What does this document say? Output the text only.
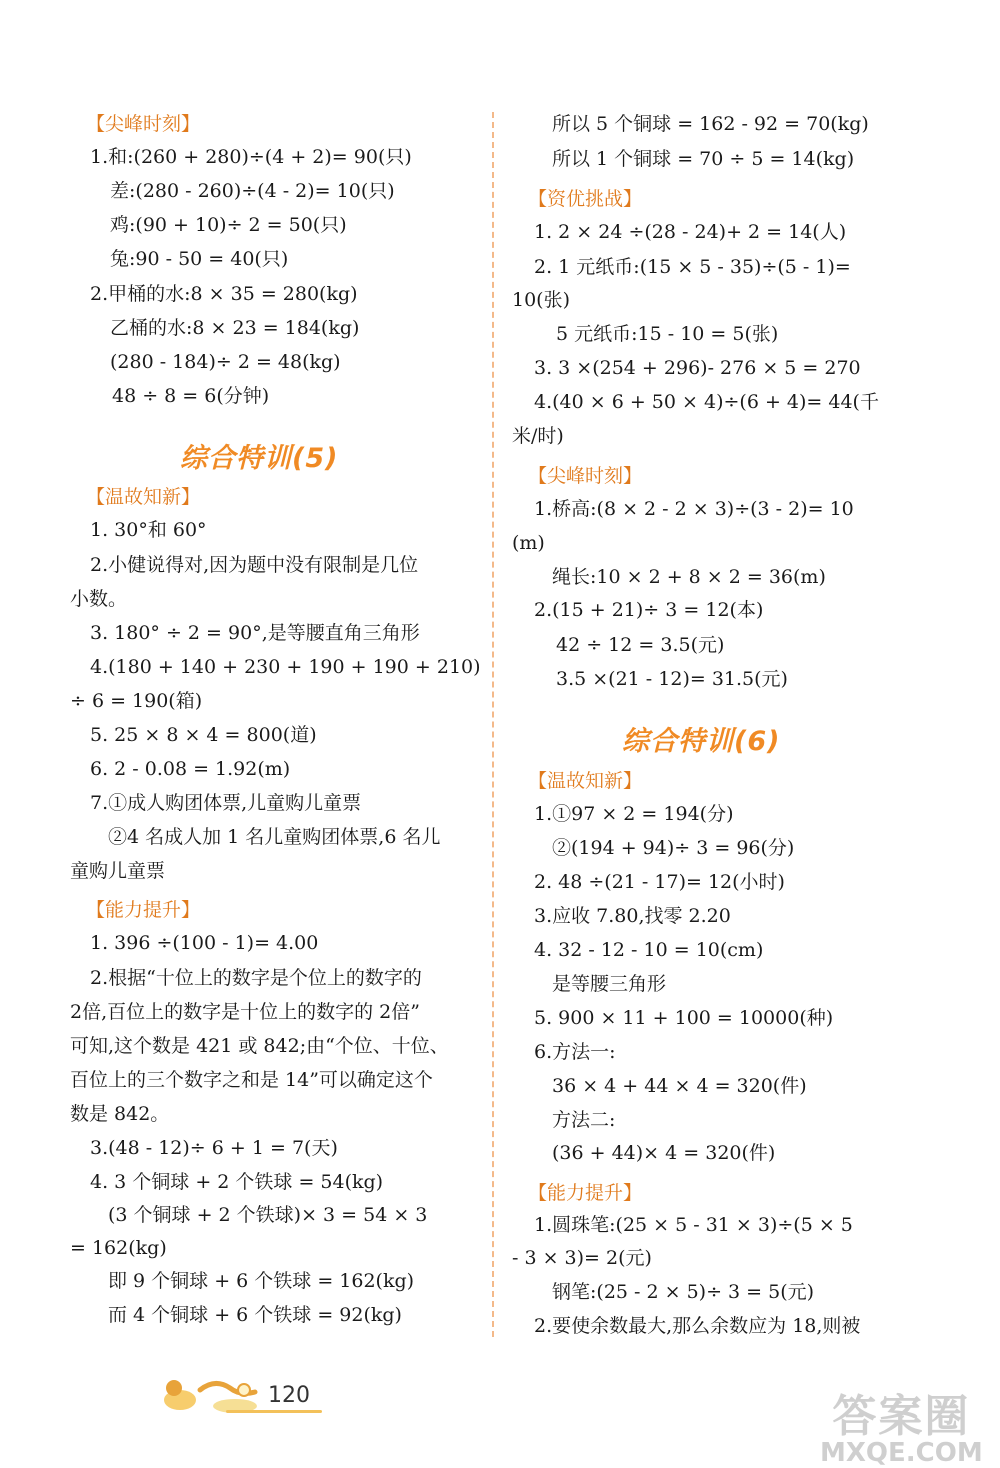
【尖峰时刻】
1.和:(260 + 280)÷(4 + 2)= 90(只)
差:(280 - 260)÷(4 - 2)= 10(只)
鸡:(90 + 10)÷ 2 = 50(只)
兔:90 - 50 = 40(只)
2.甲桶的水:8 × 35 = 280(kg)
乙桶的水:8 × 23 = 184(kg)
(280 - 184)÷ 2 = 48(kg)
48 ÷ 8 = 6(分钟)
综合特训(5)
【温故知新】
1. 30°和 60°
2.小健说得对,因为题中没有限制是几位
小数。
3. 180° ÷ 2 = 90°,是等腰直角三角形
4.(180 + 140 + 230 + 190 + 190 + 210)
÷ 6 = 190(箱)
5. 25 × 8 × 4 = 800(道)
6. 2 - 0.08 = 1.92(m)
7.①成人购团体票,儿童购儿童票
②4 名成人加 1 名儿童购团体票,6 名儿
童购儿童票
【能力提升】
1. 396 ÷(100 - 1)= 4.00
2.根据“十位上的数字是个位上的数字的
2倍,百位上的数字是十位上的数字的 2倍”
可知,这个数是 421 或 842;由“个位、十位、
百位上的三个数字之和是 14”可以确定这个
数是 842。
3.(48 - 12)÷ 6 + 1 = 7(天)
4. 3 个铜球 + 2 个铁球 = 54(kg)
(3 个铜球 + 2 个铁球)× 3 = 54 × 3
= 162(kg)
即 9 个铜球 + 6 个铁球 = 162(kg)
而 4 个铜球 + 6 个铁球 = 92(kg)
所以 5 个铜球 = 162 - 92 = 70(kg)
所以 1 个铜球 = 70 ÷ 5 = 14(kg)
【资优挑战】
1. 2 × 24 ÷(28 - 24)+ 2 = 14(人)
2. 1 元纸币:(15 × 5 - 35)÷(5 - 1)=
10(张)
5 元纸币:15 - 10 = 5(张)
3. 3 ×(254 + 296)- 276 × 5 = 270
4.(40 × 6 + 50 × 4)÷(6 + 4)= 44(千
米/时)
【尖峰时刻】
1.桥高:(8 × 2 - 2 × 3)÷(3 - 2)= 10
(m)
绳长:10 × 2 + 8 × 2 = 36(m)
2.(15 + 21)÷ 3 = 12(本)
42 ÷ 12 = 3.5(元)
3.5 ×(21 - 12)= 31.5(元)
综合特训(6)
【温故知新】
1.①97 × 2 = 194(分)
②(194 + 94)÷ 3 = 96(分)
2. 48 ÷(21 - 17)= 12(小时)
3.应收 7.80,找零 2.20
4. 32 - 12 - 10 = 10(cm)
是等腰三角形
5. 900 × 11 + 100 = 10000(种)
6.方法一:
36 × 4 + 44 × 4 = 320(件)
方法二:
(36 + 44)× 4 = 320(件)
【能力提升】
1.圆珠笔:(25 × 5 - 31 × 3)÷(5 × 5
- 3 × 3)= 2(元)
钢笔:(25 - 2 × 5)÷ 3 = 5(元)
2.要使余数最大,那么余数应为 18,则被
120	答案圈
MXQE.COM
